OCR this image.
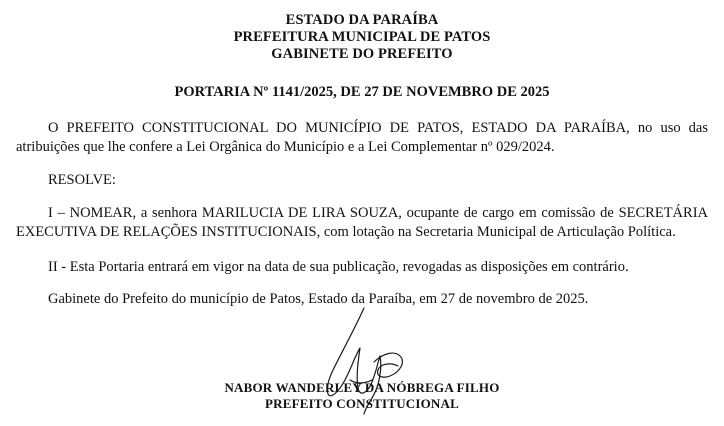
ESTADO DA PARAÍBA
PREFEITURA MUNICIPAL DE PATOS
GABINETE DO PREFEITO
PORTARIA Nº 1141/2025, DE 27 DE NOVEMBRO DE 2025
O PREFEITO CONSTITUCIONAL DO MUNICÍPIO DE PATOS, ESTADO DA PARAÍBA, no uso das
atribuições que lhe confere a Lei Orgânica do Município e a Lei Complementar nº 029/2024.
RESOLVE:
I – NOMEAR, a senhora MARILUCIA DE LIRA SOUZA, ocupante de cargo em comissão de SECRETÁRIA
EXECUTIVA DE RELAÇÕES INSTITUCIONAIS, com lotação na Secretaria Municipal de Articulação Política.
II - Esta Portaria entrará em vigor na data de sua publicação, revogadas as disposições em contrário.
Gabinete do Prefeito do município de Patos, Estado da Paraíba, em 27 de novembro de 2025.
NABOR WANDERLEY DA NÓBREGA FILHO
PREFEITO CONSTITUCIONAL
